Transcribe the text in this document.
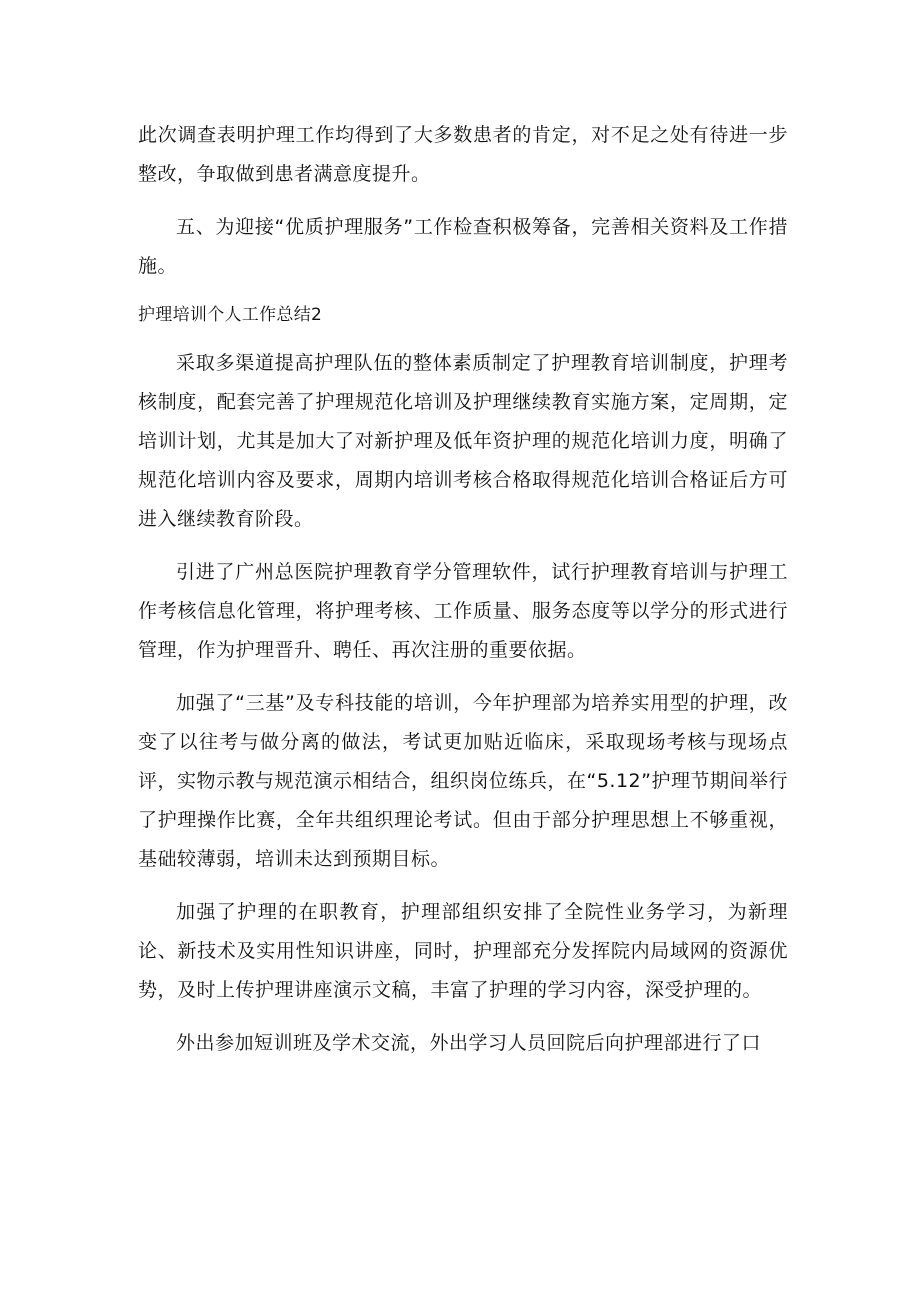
此次调查表明护理工作均得到了大多数患者的肯定，对不足之处有待进一步整改，争取做到患者满意度提升。

五、为迎接“优质护理服务”工作检查积极筹备，完善相关资料及工作措施。

护理培训个人工作总结2

采取多渠道提高护理队伍的整体素质制定了护理教育培训制度，护理考核制度，配套完善了护理规范化培训及护理继续教育实施方案，定周期，定培训计划，尤其是加大了对新护理及低年资护理的规范化培训力度，明确了规范化培训内容及要求，周期内培训考核合格取得规范化培训合格证后方可进入继续教育阶段。

引进了广州总医院护理教育学分管理软件，试行护理教育培训与护理工作考核信息化管理，将护理考核、工作质量、服务态度等以学分的形式进行管理，作为护理晋升、聘任、再次注册的重要依据。

加强了“三基”及专科技能的培训，今年护理部为培养实用型的护理，改变了以往考与做分离的做法，考试更加贴近临床，采取现场考核与现场点评，实物示教与规范演示相结合，组织岗位练兵，在“5.12”护理节期间举行了护理操作比赛，全年共组织理论考试。但由于部分护理思想上不够重视，基础较薄弱，培训未达到预期目标。

加强了护理的在职教育，护理部组织安排了全院性业务学习，为新理论、新技术及实用性知识讲座，同时，护理部充分发挥院内局域网的资源优势，及时上传护理讲座演示文稿，丰富了护理的学习内容，深受护理的。

外出参加短训班及学术交流，外出学习人员回院后向护理部进行了口
